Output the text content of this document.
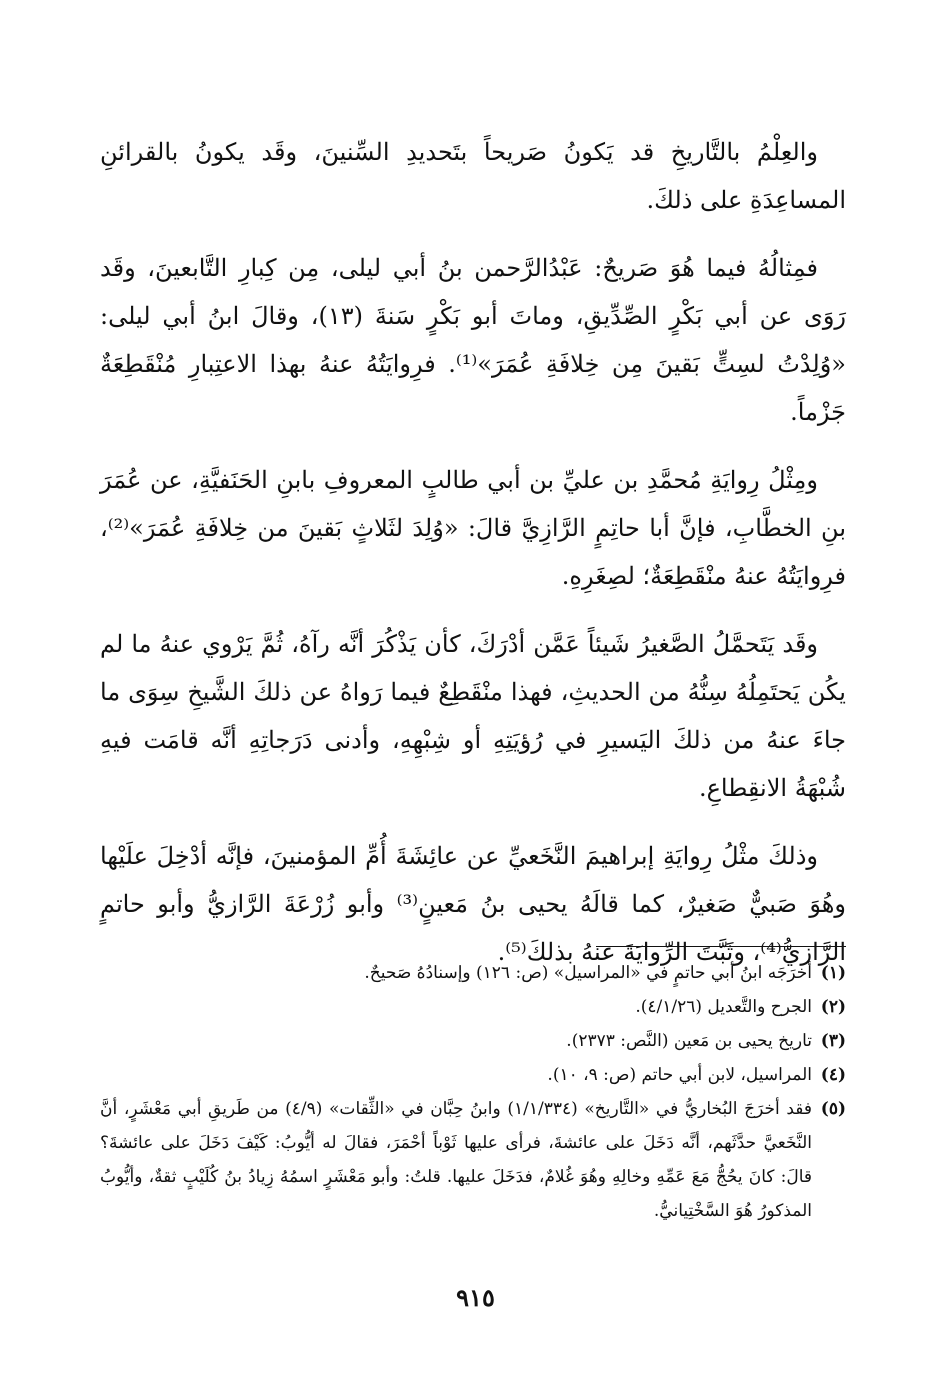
والعِلْمُ بالتَّاريخِ قد يَكونُ صَريحاً بتَحديدِ السِّنينَ، وقَد يكونُ بالقرائنِ المساعِدَةِ على ذلكَ.

فمِثالُهُ فيما هُوَ صَريحٌ: عَبْدُالرَّحمن بنُ أبي ليلى، مِن كِبارِ التَّابعينَ، وقَد رَوَى عن أبي بَكْرٍ الصِّدِّيقِ، وماتَ أبو بَكْرٍ سَنةَ (١٣)، وقالَ ابنُ أبي ليلى: «وُلِدْتُ لسِتٍّ بَقينَ مِن خِلافَةِ عُمَرَ»⁽¹⁾. فرِوايَتُهُ عنهُ بهذا الاعتِبارِ مُنْقَطِعَةٌ جَزْماً.

ومِثْلُ رِوايَةِ مُحمَّدِ بن عليِّ بن أبي طالبٍ المعروفِ بابنِ الحَنَفيَّةِ، عن عُمَرَ بنِ الخطَّابِ، فإنَّ أبا حاتِمٍ الرَّازِيَّ قالَ: «وُلِدَ لثَلاثٍ بَقينَ من خِلافَةِ عُمَرَ»⁽²⁾، فرِوايَتُهُ عنهُ منْقَطِعَةٌ؛ لصِغَرِهِ.

وقَد يَتَحمَّلُ الصَّغيرُ شَيئاً عَمَّن أدْرَكَ، كأن يَذْكُرَ أنَّه رآهُ، ثُمَّ يَرْوي عنهُ ما لم يكُن يَحتَمِلُهُ سِنُّهُ من الحديثِ، فهذا منْقَطِعٌ فيما رَواهُ عن ذلكَ الشَّيخِ سِوَى ما جاءَ عنهُ من ذلكَ اليَسيرِ في رُؤيَتِهِ أو شِبْهِهِ، وأدنى دَرَجاتِهِ أنَّه قامَت فيهِ شُبْهَةُ الانقِطاعِ.

وذلكَ مثْلُ رِوايَةِ إبراهيمَ النَّخَعيِّ عن عائِشَةَ أُمِّ المؤمنينَ، فإنَّه أدْخِلَ علَيْها وهُوَ صَبيٌّ صَغيرٌ، كما قالَهُ يحيى بنُ مَعينٍ⁽³⁾ وأبو زُرْعَةَ الرَّازيُّ وأبو حاتمٍ الرَّازيُّ⁽⁴⁾، وثَبَّتَ الرِّوايَةَ عنهُ بذلكَ⁽⁵⁾.

(١)
أخرَجَه ابنُ أبي حاتمٍ في «المراسيل» (ص: ١٢٦) وإسنادُهُ صَحيحٌ.
(٢)
الجرح والتَّعديل (٤/١/٢٦).
(٣)
تاريخ يحيى بن مَعين (النَّص: ٢٣٧٣).
(٤)
المراسيل، لابن أبي حاتم (ص: ٩، ١٠).
(٥)
فقد أخرَجَ البُخاريُّ في «التَّاريخ» (١/١/٣٣٤) وابنُ حِبَّان في «الثِّقات» (٤/٩) من طَريقِ أبي مَعْشَرٍ، أنَّ النَّخَعيَّ حدَّثَهم، أنَّه دَخَلَ على عائشةَ، فرأى عليها ثَوْباً أحْمَرَ، فقالَ له أيُّوبُ: كَيْفَ دَخَلَ على عائشةَ؟ قالَ: كانَ يحُجُّ مَعَ عَمِّهِ وخالِهِ وهُوَ غُلامٌ، فدَخَلَ عليها. قلتُ: وأبو مَعْشَرٍ اسمُهُ زِيادُ بنُ كُلَيْبٍ ثقةٌ، وأيُّوبُ المذكورُ هُوَ السَّخْتِيانيُّ.
٩١٥
